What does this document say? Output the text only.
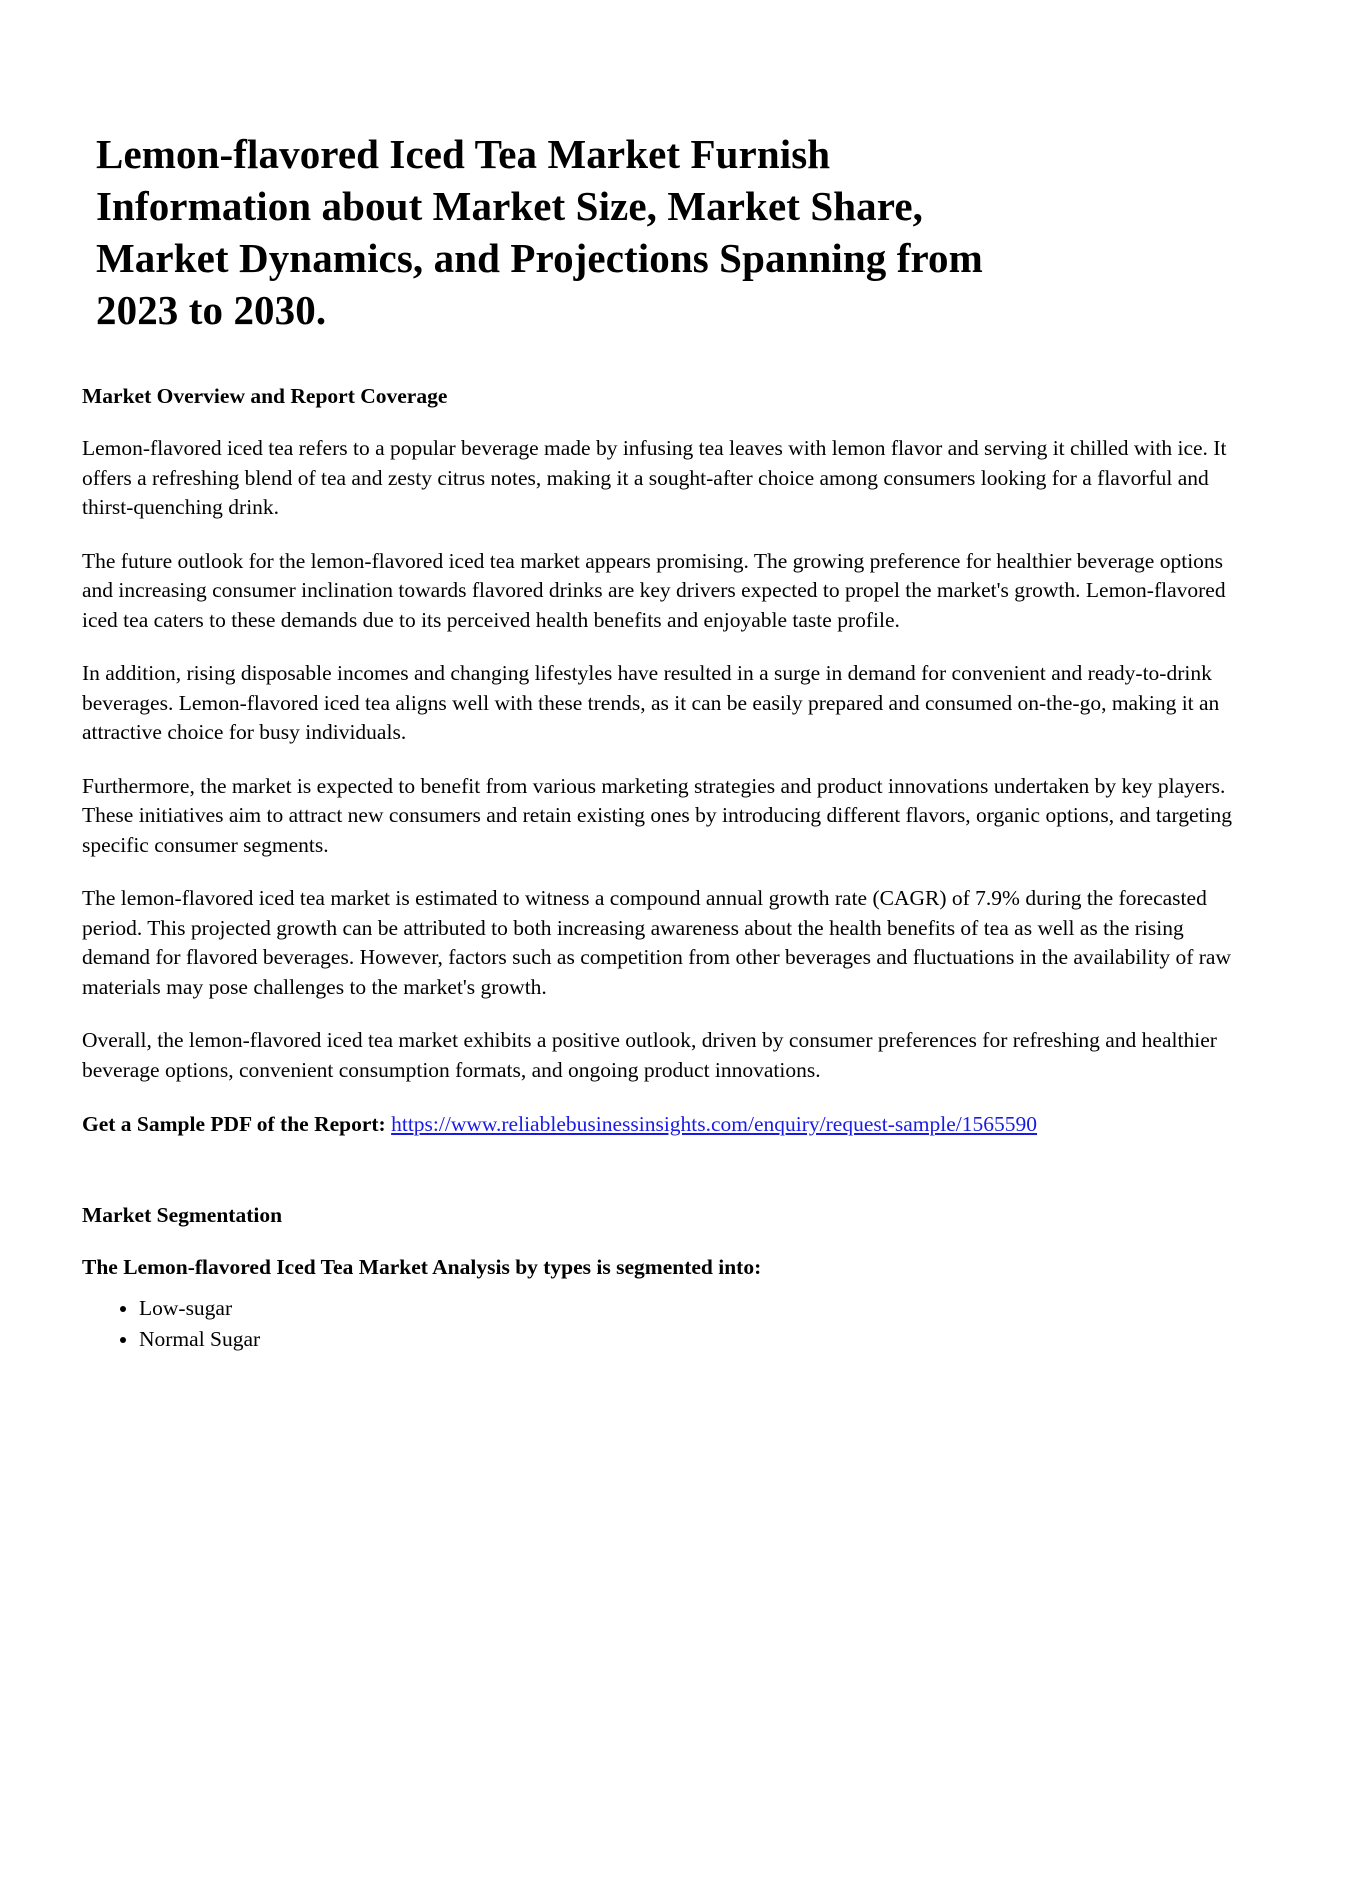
Lemon-flavored Iced Tea Market Furnish Information about Market Size, Market Share, Market Dynamics, and Projections Spanning from 2023 to 2030.
Market Overview and Report Coverage

Lemon-flavored iced tea refers to a popular beverage made by infusing tea leaves with lemon flavor and serving it chilled with ice. It offers a refreshing blend of tea and zesty citrus notes, making it a sought-after choice among consumers looking for a flavorful and thirst-quenching drink.

The future outlook for the lemon-flavored iced tea market appears promising. The growing preference for healthier beverage options and increasing consumer inclination towards flavored drinks are key drivers expected to propel the market's growth. Lemon-flavored iced tea caters to these demands due to its perceived health benefits and enjoyable taste profile.

In addition, rising disposable incomes and changing lifestyles have resulted in a surge in demand for convenient and ready-to-drink beverages. Lemon-flavored iced tea aligns well with these trends, as it can be easily prepared and consumed on-the-go, making it an attractive choice for busy individuals.

Furthermore, the market is expected to benefit from various marketing strategies and product innovations undertaken by key players. These initiatives aim to attract new consumers and retain existing ones by introducing different flavors, organic options, and targeting specific consumer segments.

The lemon-flavored iced tea market is estimated to witness a compound annual growth rate (CAGR) of 7.9% during the forecasted period. This projected growth can be attributed to both increasing awareness about the health benefits of tea as well as the rising demand for flavored beverages. However, factors such as competition from other beverages and fluctuations in the availability of raw materials may pose challenges to the market's growth.

Overall, the lemon-flavored iced tea market exhibits a positive outlook, driven by consumer preferences for refreshing and healthier beverage options, convenient consumption formats, and ongoing product innovations.

Get a Sample PDF of the Report: https://www.reliablebusinessinsights.com/enquiry/request-sample/1565590

Market Segmentation
The Lemon-flavored Iced Tea Market Analysis by types is segmented into:
• Low-sugar
• Normal Sugar
